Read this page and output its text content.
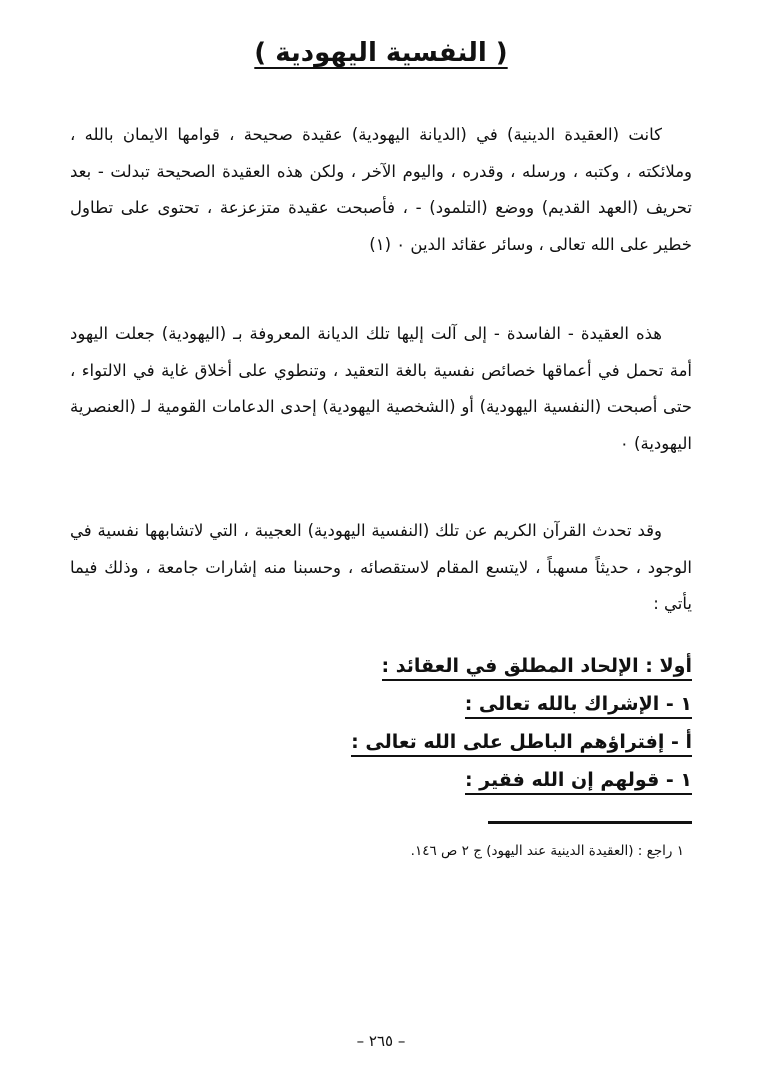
( النفسية اليهودية )

كانت (العقيدة الدينية) في (الديانة اليهودية) عقيدة صحيحة ، قوامها الايمان بالله ، وملائكته ، وكتبه ، ورسله ، وقدره ، واليوم الآخر ، ولكن هذه العقيدة الصحيحة تبدلت - بعد تحريف (العهد القديم) ووضع (التلمود) - ، فأصبحت عقيدة متزعزعة ، تحتوى على تطاول خطير على الله تعالى ، وسائر عقائد الدين ٠ (١)

هذه العقيدة - الفاسدة - إلى آلت إليها تلك الديانة المعروفة بـ (اليهودية) جعلت اليهود أمة تحمل في أعماقها خصائص نفسية بالغة التعقيد ، وتنطوي على أخلاق غاية في الالتواء ، حتى أصبحت (النفسية اليهودية) أو (الشخصية اليهودية) إحدى الدعامات القومية لـ (العنصرية اليهودية) ٠

وقد تحدث القرآن الكريم عن تلك (النفسية اليهودية) العجيبة ، التي لاتشابهها نفسية في الوجود ، حديثاً مسهباً ، لايتسع المقام لاستقصائه ، وحسبنا منه إشارات جامعة ، وذلك فيما يأتي :

أولا : الإلحاد المطلق في العقائد :
١ - الإشراك بالله تعالى :
أ - إفتراؤهم الباطل على الله تعالى :
١ - قولهم إن الله فقير :
١ راجع : (العقيدة الدينية عند اليهود) ج ٢ ص ١٤٦.
– ٢٦٥ –
